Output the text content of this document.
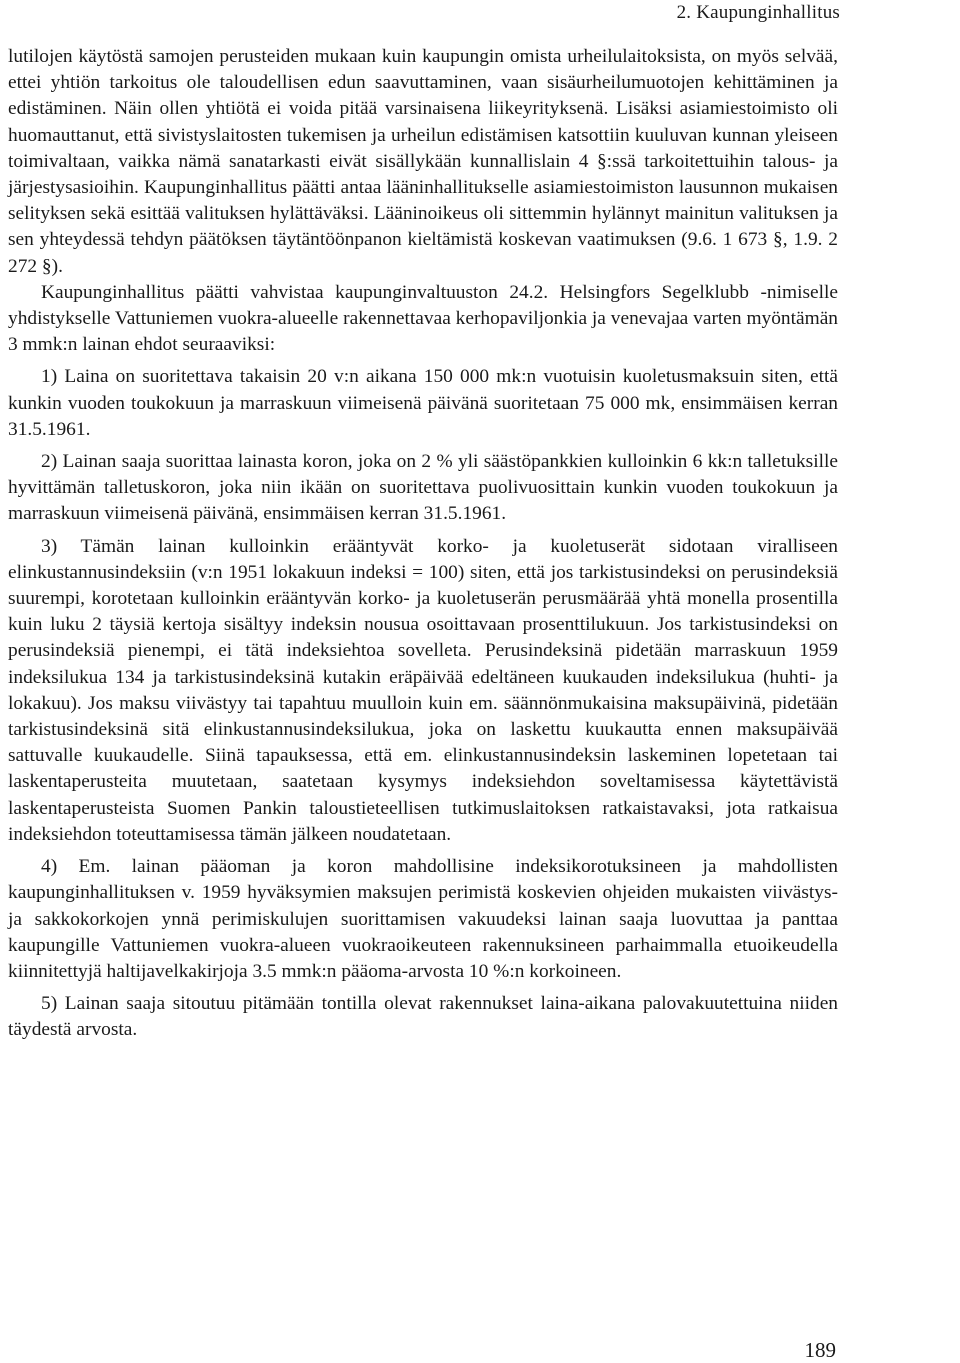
2. Kaupunginhallitus

lutilojen käytöstä samojen perusteiden mukaan kuin kaupungin omista urheilulaitoksista, on myös selvää, ettei yhtiön tarkoitus ole taloudellisen edun saavuttaminen, vaan sisäurheilumuotojen kehittäminen ja edistäminen. Näin ollen yhtiötä ei voida pitää varsinaisena liikeyrityksenä. Lisäksi asiamiestoimisto oli huomauttanut, että sivistyslaitosten tukemisen ja urheilun edistämisen katsottiin kuuluvan kunnan yleiseen toimivaltaan, vaikka nämä sanatarkasti eivät sisällykään kunnallislain 4 §:ssä tarkoitettuihin talous- ja järjestysasioihin. Kaupunginhallitus päätti antaa lääninhallitukselle asiamiestoimiston lausunnon mukaisen selityksen sekä esittää valituksen hylättäväksi. Lääninoikeus oli sittemmin hylännyt mainitun valituksen ja sen yhteydessä tehdyn päätöksen täytäntöönpanon kieltämistä koskevan vaatimuksen (9.6. 1 673 §, 1.9. 2 272 §).

Kaupunginhallitus päätti vahvistaa kaupunginvaltuuston 24.2. Helsingfors Segelklubb -nimiselle yhdistykselle Vattuniemen vuokra-alueelle rakennettavaa kerhopaviljonkia ja venevajaa varten myöntämän 3 mmk:n lainan ehdot seuraaviksi:

1) Laina on suoritettava takaisin 20 v:n aikana 150 000 mk:n vuotuisin kuoletusmaksuin siten, että kunkin vuoden toukokuun ja marraskuun viimeisenä päivänä suoritetaan 75 000 mk, ensimmäisen kerran 31.5.1961.

2) Lainan saaja suorittaa lainasta koron, joka on 2 % yli säästöpankkien kulloinkin 6 kk:n talletuksille hyvittämän talletuskoron, joka niin ikään on suoritettava puolivuosittain kunkin vuoden toukokuun ja marraskuun viimeisenä päivänä, ensimmäisen kerran 31.5.1961.

3) Tämän lainan kulloinkin erääntyvät korko- ja kuoletuserät sidotaan viralliseen elinkustannusindeksiin (v:n 1951 lokakuun indeksi = 100) siten, että jos tarkistusindeksi on perusindeksiä suurempi, korotetaan kulloinkin erääntyvän korko- ja kuoletuserän perusmäärää yhtä monella prosentilla kuin luku 2 täysiä kertoja sisältyy indeksin nousua osoittavaan prosenttilukuun. Jos tarkistusindeksi on perusindeksiä pienempi, ei tätä indeksiehtoa sovelleta. Perusindeksinä pidetään marraskuun 1959 indeksilukua 134 ja tarkistusindeksinä kutakin eräpäivää edeltäneen kuukauden indeksilukua (huhti- ja lokakuu). Jos maksu viivästyy tai tapahtuu muulloin kuin em. säännönmukaisina maksupäivinä, pidetään tarkistusindeksinä sitä elinkustannusindeksilukua, joka on laskettu kuukautta ennen maksupäivää sattuvalle kuukaudelle. Siinä tapauksessa, että em. elinkustannusindeksin laskeminen lopetetaan tai laskentaperusteita muutetaan, saatetaan kysymys indeksiehdon soveltamisessa käytettävistä laskentaperusteista Suomen Pankin taloustieteellisen tutkimuslaitoksen ratkaistavaksi, jota ratkaisua indeksiehdon toteuttamisessa tämän jälkeen noudatetaan.

4) Em. lainan pääoman ja koron mahdollisine indeksikorotuksineen ja mahdollisten kaupunginhallituksen v. 1959 hyväksymien maksujen perimistä koskevien ohjeiden mukaisten viivästys- ja sakkokorkojen ynnä perimiskulujen suorittamisen vakuudeksi lainan saaja luovuttaa ja panttaa kaupungille Vattuniemen vuokra-alueen vuokraoikeuteen rakennuksineen parhaimmalla etuoikeudella kiinnitettyjä haltijavelkakirjoja 3.5 mmk:n pääoma-arvosta 10 %:n korkoineen.

5) Lainan saaja sitoutuu pitämään tontilla olevat rakennukset laina-aikana palovakuutettuina niiden täydestä arvosta.

189
